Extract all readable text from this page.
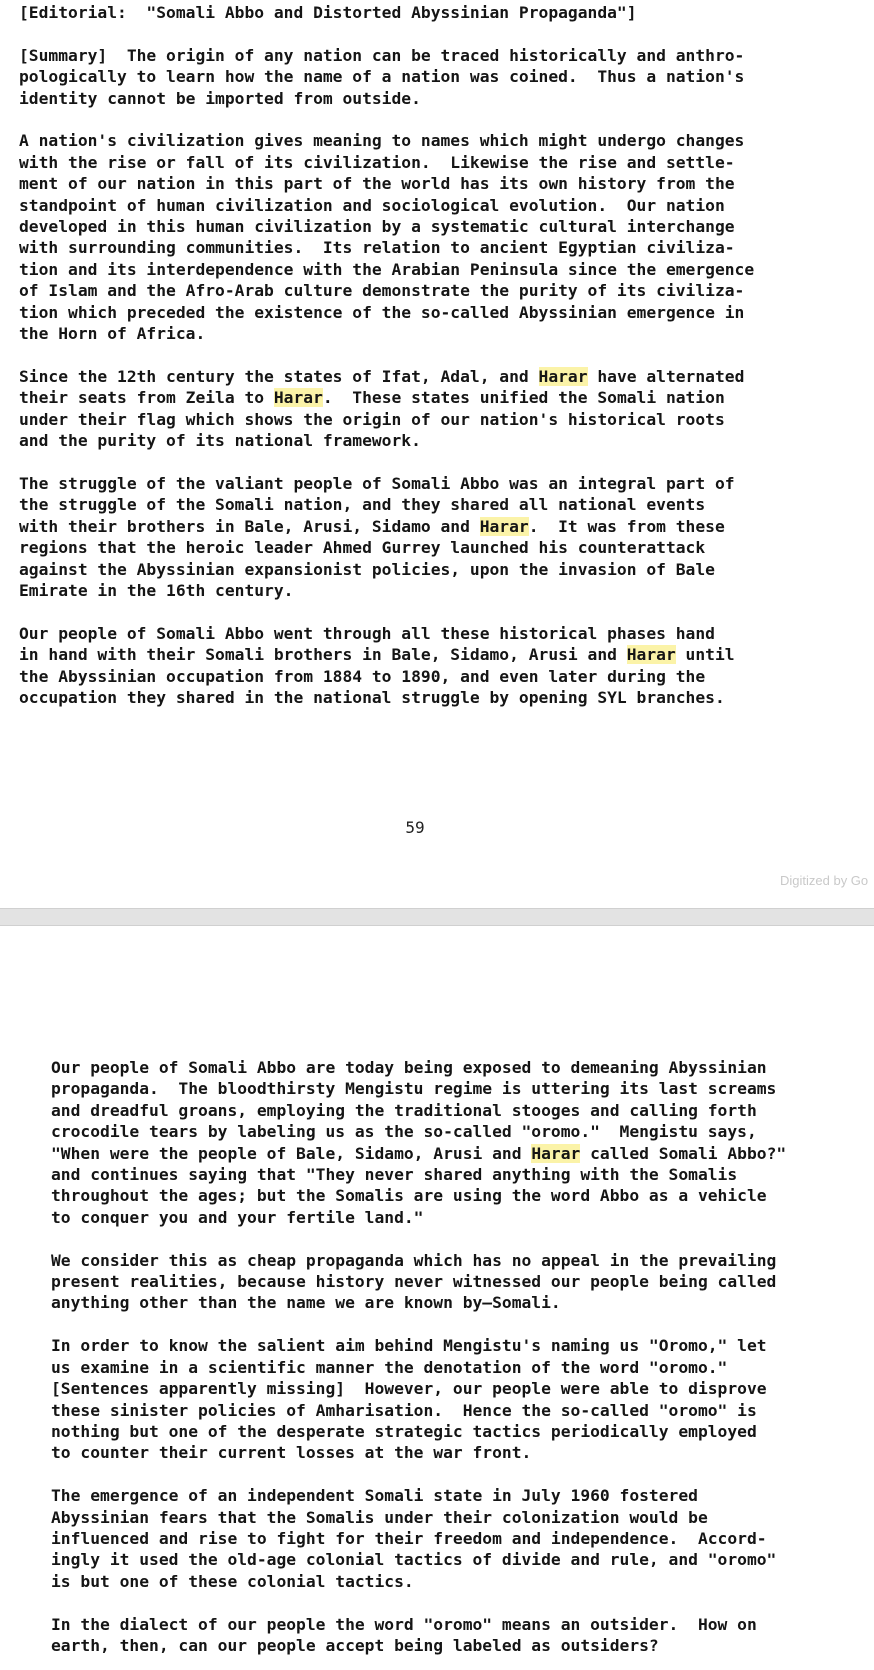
[Editorial:  "Somali Abbo and Distorted Abyssinian Propaganda"]

[Summary]  The origin of any nation can be traced historically and anthro-
pologically to learn how the name of a nation was coined.  Thus a nation's
identity cannot be imported from outside.

A nation's civilization gives meaning to names which might undergo changes
with the rise or fall of its civilization.  Likewise the rise and settle-
ment of our nation in this part of the world has its own history from the
standpoint of human civilization and sociological evolution.  Our nation
developed in this human civilization by a systematic cultural interchange
with surrounding communities.  Its relation to ancient Egyptian civiliza-
tion and its interdependence with the Arabian Peninsula since the emergence
of Islam and the Afro-Arab culture demonstrate the purity of its civiliza-
tion which preceded the existence of the so-called Abyssinian emergence in
the Horn of Africa.

Since the 12th century the states of Ifat, Adal, and Harar have alternated
their seats from Zeila to Harar.  These states unified the Somali nation
under their flag which shows the origin of our nation's historical roots
and the purity of its national framework.

The struggle of the valiant people of Somali Abbo was an integral part of
the struggle of the Somali nation, and they shared all national events
with their brothers in Bale, Arusi, Sidamo and Harar.  It was from these
regions that the heroic leader Ahmed Gurrey launched his counterattack
against the Abyssinian expansionist policies, upon the invasion of Bale
Emirate in the 16th century.

Our people of Somali Abbo went through all these historical phases hand
in hand with their Somali brothers in Bale, Sidamo, Arusi and Harar until
the Abyssinian occupation from 1884 to 1890, and even later during the
occupation they shared in the national struggle by opening SYL branches.
59
Digitized by Go
Our people of Somali Abbo are today being exposed to demeaning Abyssinian
propaganda.  The bloodthirsty Mengistu regime is uttering its last screams
and dreadful groans, employing the traditional stooges and calling forth
crocodile tears by labeling us as the so-called "oromo."  Mengistu says,
"When were the people of Bale, Sidamo, Arusi and Harar called Somali Abbo?"
and continues saying that "They never shared anything with the Somalis
throughout the ages; but the Somalis are using the word Abbo as a vehicle
to conquer you and your fertile land."

We consider this as cheap propaganda which has no appeal in the prevailing
present realities, because history never witnessed our people being called
anything other than the name we are known by—Somali.

In order to know the salient aim behind Mengistu's naming us "Oromo," let
us examine in a scientific manner the denotation of the word "oromo."
[Sentences apparently missing]  However, our people were able to disprove
these sinister policies of Amharisation.  Hence the so-called "oromo" is
nothing but one of the desperate strategic tactics periodically employed
to counter their current losses at the war front.

The emergence of an independent Somali state in July 1960 fostered
Abyssinian fears that the Somalis under their colonization would be
influenced and rise to fight for their freedom and independence.  Accord-
ingly it used the old-age colonial tactics of divide and rule, and "oromo"
is but one of these colonial tactics.

In the dialect of our people the word "oromo" means an outsider.  How on
earth, then, can our people accept being labeled as outsiders?
